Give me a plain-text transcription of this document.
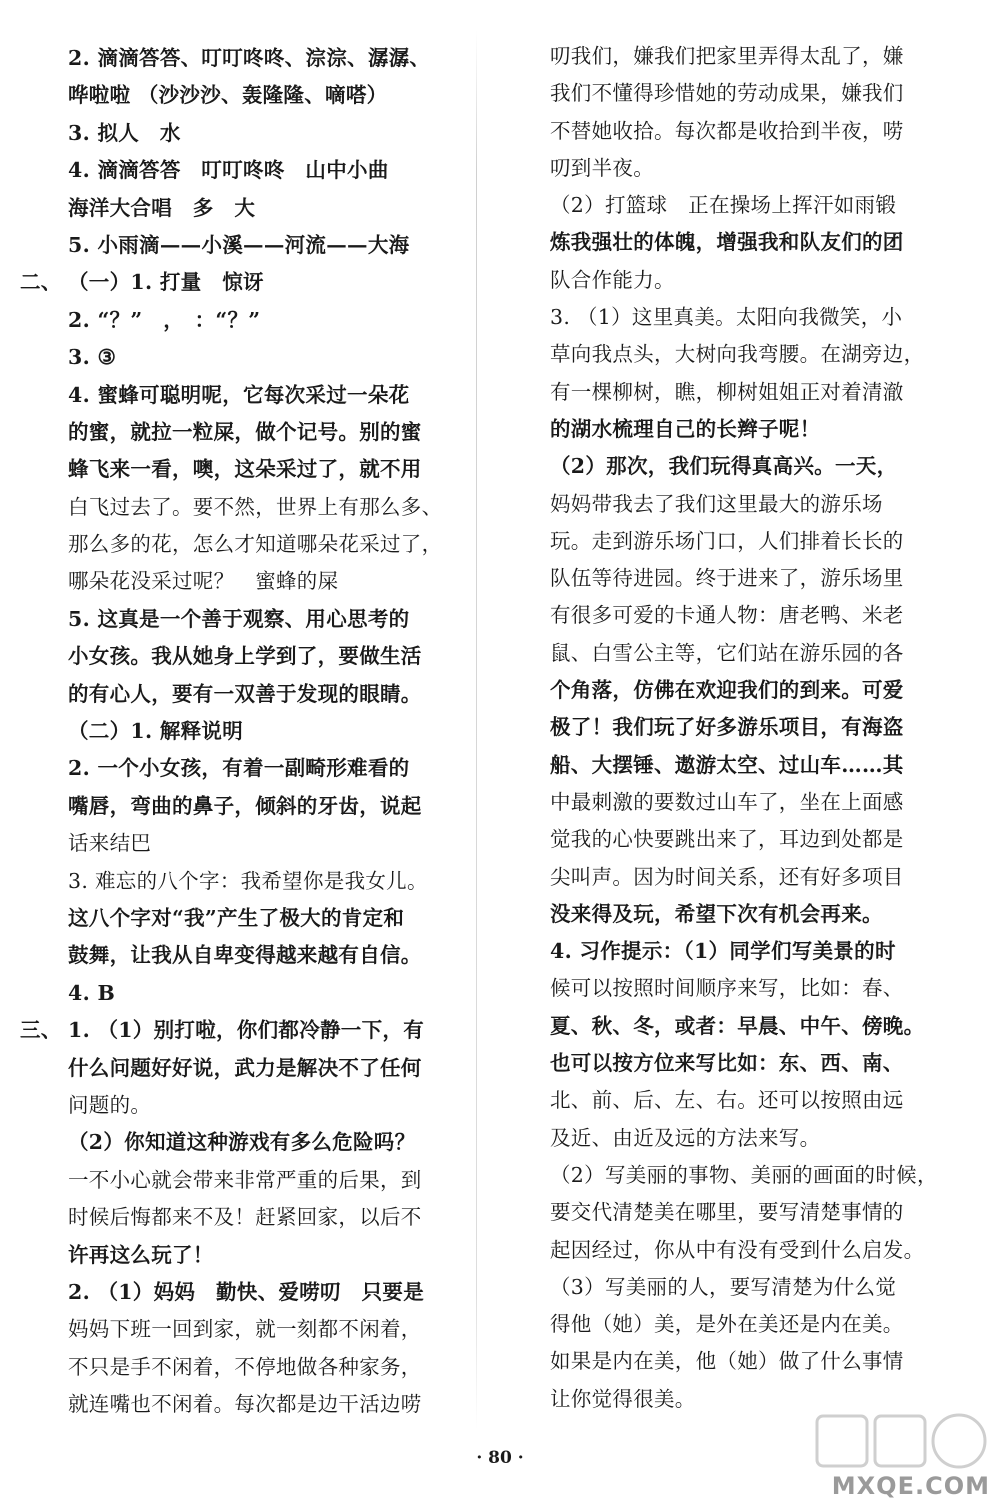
2. 滴滴答答、叮叮咚咚、淙淙、潺潺、
哗啦啦 （沙沙沙、轰隆隆、嘀嗒）
3. 拟人　水
4. 滴滴答答　叮叮咚咚　山中小曲
海洋大合唱　多　大
5. 小雨滴——小溪——河流——大海
二、 （一）1. 打量　惊讶
2. “？”　，　：“？”
3. ③
4. 蜜蜂可聪明呢，它每次采过一朵花
的蜜，就拉一粒屎，做个记号。别的蜜
蜂飞来一看，噢，这朵采过了，就不用
白飞过去了。要不然，世界上有那么多、
那么多的花，怎么才知道哪朵花采过了，
哪朵花没采过呢？　蜜蜂的屎
5. 这真是一个善于观察、用心思考的
小女孩。我从她身上学到了，要做生活
的有心人，要有一双善于发现的眼睛。
（二）1. 解释说明
2. 一个小女孩，有着一副畸形难看的
嘴唇，弯曲的鼻子，倾斜的牙齿，说起
话来结巴
3. 难忘的八个字：我希望你是我女儿。
这八个字对“我”产生了极大的肯定和
鼓舞，让我从自卑变得越来越有自信。
4. B
三、 1. （1）别打啦，你们都冷静一下，有
什么问题好好说，武力是解决不了任何
问题的。
（2）你知道这种游戏有多么危险吗？
一不小心就会带来非常严重的后果，到
时候后悔都来不及！赶紧回家，以后不
许再这么玩了！
2. （1）妈妈　勤快、爱唠叨　只要是
妈妈下班一回到家，就一刻都不闲着，
不只是手不闲着，不停地做各种家务，
就连嘴也不闲着。每次都是边干活边唠
叨我们，嫌我们把家里弄得太乱了，嫌
我们不懂得珍惜她的劳动成果，嫌我们
不替她收拾。每次都是收拾到半夜，唠
叨到半夜。
（2）打篮球　正在操场上挥汗如雨锻
炼我强壮的体魄，增强我和队友们的团
队合作能力。
3. （1）这里真美。太阳向我微笑，小
草向我点头，大树向我弯腰。在湖旁边，
有一棵柳树，瞧，柳树姐姐正对着清澈
的湖水梳理自己的长辫子呢！
（2）那次，我们玩得真高兴。一天，
妈妈带我去了我们这里最大的游乐场
玩。走到游乐场门口，人们排着长长的
队伍等待进园。终于进来了，游乐场里
有很多可爱的卡通人物：唐老鸭、米老
鼠、白雪公主等，它们站在游乐园的各
个角落，仿佛在欢迎我们的到来。可爱
极了！我们玩了好多游乐项目，有海盗
船、大摆锤、遨游太空、过山车……其
中最刺激的要数过山车了，坐在上面感
觉我的心快要跳出来了，耳边到处都是
尖叫声。因为时间关系，还有好多项目
没来得及玩，希望下次有机会再来。
4. 习作提示：（1）同学们写美景的时
候可以按照时间顺序来写，比如：春、
夏、秋、冬，或者：早晨、中午、傍晚。
也可以按方位来写比如：东、西、南、
北、前、后、左、右。还可以按照由远
及近、由近及远的方法来写。
（2）写美丽的事物、美丽的画面的时候，
要交代清楚美在哪里，要写清楚事情的
起因经过，你从中有没有受到什么启发。
（3）写美丽的人，要写清楚为什么觉
得他（她）美，是外在美还是内在美。
如果是内在美，他（她）做了什么事情
让你觉得很美。
· 80 ·
MXQE.COM
